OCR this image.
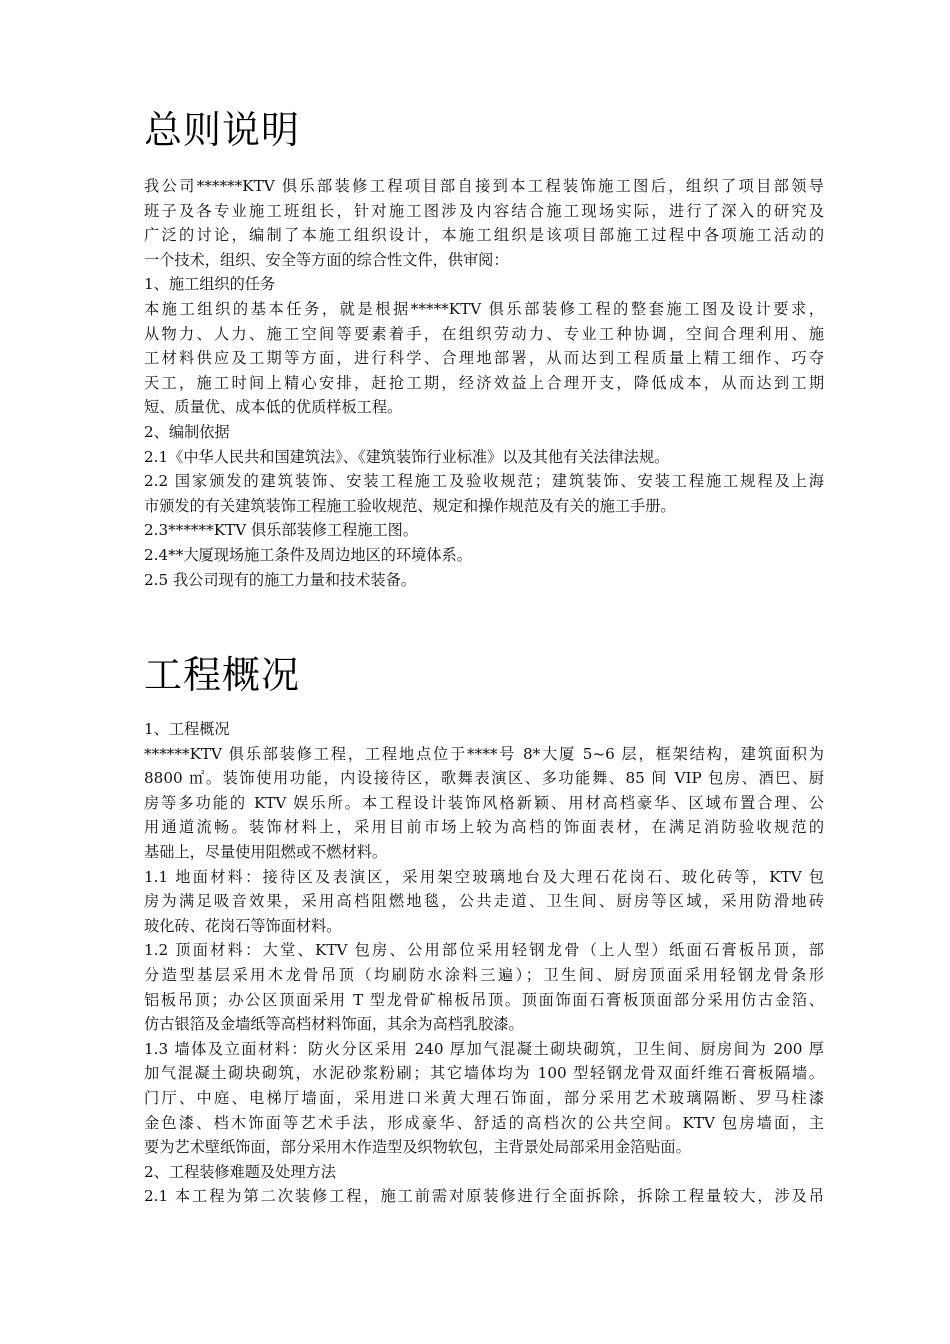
总则说明
我公司******KTV 俱乐部装修工程项目部自接到本工程装饰施工图后，组织了项目部领导
班子及各专业施工班组长，针对施工图涉及内容结合施工现场实际，进行了深入的研究及
广泛的讨论，编制了本施工组织设计，本施工组织是该项目部施工过程中各项施工活动的
一个技术，组织、安全等方面的综合性文件，供审阅：
1、施工组织的任务
本施工组织的基本任务，就是根据*****KTV 俱乐部装修工程的整套施工图及设计要求，
从物力、人力、施工空间等要素着手，在组织劳动力、专业工种协调，空间合理利用、施
工材料供应及工期等方面，进行科学、合理地部署，从而达到工程质量上精工细作、巧夺
天工，施工时间上精心安排，赶抢工期，经济效益上合理开支，降低成本，从而达到工期
短、质量优、成本低的优质样板工程。
2、编制依据
2.1《中华人民共和国建筑法》、《建筑装饰行业标准》以及其他有关法律法规。
2.2 国家颁发的建筑装饰、安装工程施工及验收规范；建筑装饰、安装工程施工规程及上海
市颁发的有关建筑装饰工程施工验收规范、规定和操作规范及有关的施工手册。
2.3******KTV 俱乐部装修工程施工图。
2.4**大厦现场施工条件及周边地区的环境体系。
2.5 我公司现有的施工力量和技术装备。
工程概况
1、工程概况
******KTV 俱乐部装修工程，工程地点位于****号 8*大厦 5~6 层，框架结构，建筑面积为
8800 ㎡。装饰使用功能，内设接待区，歌舞表演区、多功能舞、85 间 VIP 包房、酒巴、厨
房等多功能的 KTV 娱乐所。本工程设计装饰风格新颖、用材高档豪华、区域布置合理、公
用通道流畅。装饰材料上，采用目前市场上较为高档的饰面表材，在满足消防验收规范的
基础上，尽量使用阻燃或不燃材料。
1.1 地面材料：接待区及表演区，采用架空玻璃地台及大理石花岗石、玻化砖等，KTV 包
房为满足吸音效果，采用高档阻燃地毯，公共走道、卫生间、厨房等区域，采用防滑地砖
玻化砖、花岗石等饰面材料。
1.2 顶面材料：大堂、KTV 包房、公用部位采用轻钢龙骨（上人型）纸面石膏板吊顶，部
分造型基层采用木龙骨吊顶（均刷防水涂料三遍）；卫生间、厨房顶面采用轻钢龙骨条形
铝板吊顶；办公区顶面采用 T 型龙骨矿棉板吊顶。顶面饰面石膏板顶面部分采用仿古金箔、
仿古银箔及金墙纸等高档材料饰面，其余为高档乳胶漆。
1.3 墙体及立面材料：防火分区采用 240 厚加气混凝土砌块砌筑，卫生间、厨房间为 200 厚
加气混凝土砌块砌筑，水泥砂浆粉刷；其它墙体均为 100 型轻钢龙骨双面纤维石膏板隔墙。
门厅、中庭、电梯厅墙面，采用进口米黄大理石饰面，部分采用艺术玻璃隔断、罗马柱漆
金色漆、档木饰面等艺术手法，形成豪华、舒适的高档次的公共空间。KTV 包房墙面，主
要为艺术壁纸饰面，部分采用木作造型及织物软包，主背景处局部采用金箔贴面。
2、工程装修难题及处理方法
2.1 本工程为第二次装修工程，施工前需对原装修进行全面拆除，拆除工程量较大，涉及吊
